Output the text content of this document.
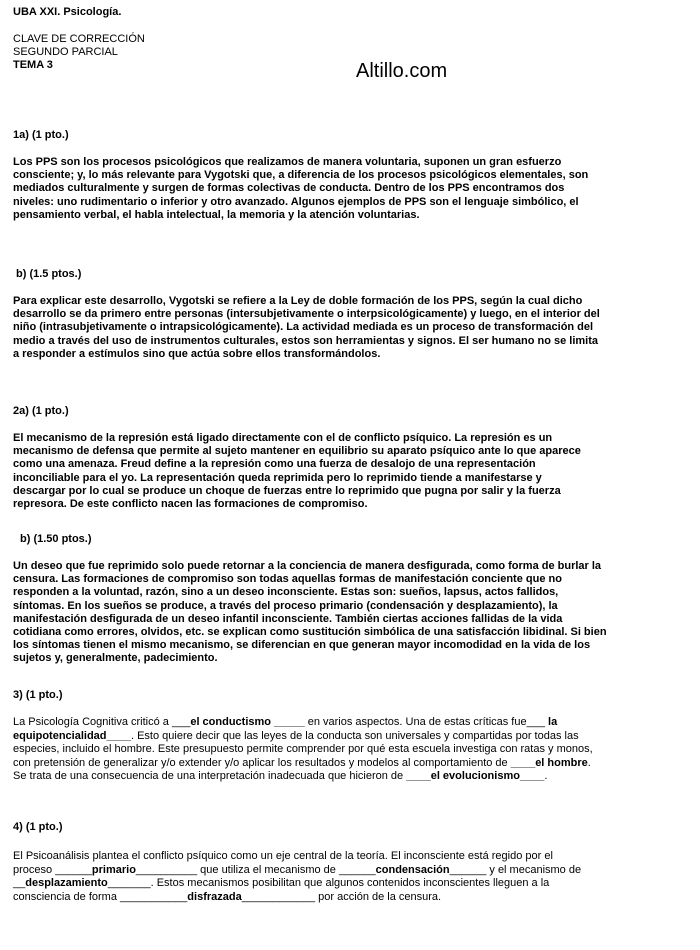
UBA XXI. Psicología.
CLAVE DE CORRECCIÓN
SEGUNDO PARCIAL
TEMA 3	Altillo.com
1a) (1 pto.)

Los PPS son los procesos psicológicos que realizamos de manera voluntaria, suponen un gran esfuerzo

consciente; y, lo más relevante para Vygotski que, a diferencia de los procesos psicológicos elementales, son

mediados culturalmente y surgen de formas colectivas de conducta. Dentro de los PPS encontramos dos

niveles: uno rudimentario o inferior y otro avanzado. Algunos ejemplos de PPS son el lenguaje simbólico, el

pensamiento verbal, el habla intelectual, la memoria y la atención voluntarias.

b) (1.5 ptos.)

Para explicar este desarrollo, Vygotski se refiere a la Ley de doble formación de los PPS, según la cual dicho

desarrollo se da primero entre personas (intersubjetivamente o interpsicológicamente) y luego, en el interior del

niño (intrasubjetivamente o intrapsicológicamente). La actividad mediada es un proceso de transformación del

medio a través del uso de instrumentos culturales, estos son herramientas y signos. El ser humano no se limita

a responder a estímulos sino que actúa sobre ellos transformándolos.

2a) (1 pto.)

El mecanismo de la represión está ligado directamente con el de conflicto psíquico. La represión es un

mecanismo de defensa que permite al sujeto mantener en equilibrio su aparato psíquico ante lo que aparece

como una amenaza. Freud define a la represión como una fuerza de desalojo de una representación

inconciliable para el yo. La representación queda reprimida pero lo reprimido tiende a manifestarse y

descargar por lo cual se produce un choque de fuerzas entre lo reprimido que pugna por salir y la fuerza

represora. De este conflicto nacen las formaciones de compromiso.

b) (1.50 ptos.)

Un deseo que fue reprimido solo puede retornar a la conciencia de manera desfigurada, como forma de burlar la

censura. Las formaciones de compromiso son todas aquellas formas de manifestación conciente que no

responden a la voluntad, razón, sino a un deseo inconsciente. Estas son: sueños, lapsus, actos fallidos,

síntomas. En los sueños se produce, a través del proceso primario (condensación y desplazamiento), la

manifestación desfigurada de un deseo infantil inconsciente. También ciertas acciones fallidas de la vida

cotidiana como errores, olvidos, etc. se explican como sustitución simbólica de una satisfacción libidinal. Si bien

los síntomas tienen el mismo mecanismo, se diferencian en que generan mayor incomodidad en la vida de los

sujetos y, generalmente, padecimiento.

3) (1 pto.)

La Psicología Cognitiva criticó a ___el conductismo _____ en varios aspectos. Una de estas críticas fue___ la

equipotencialidad____. Esto quiere decir que las leyes de la conducta son universales y compartidas por todas las

especies, incluido el hombre. Este presupuesto permite comprender por qué esta escuela investiga con ratas y monos,

con pretensión de generalizar y/o extender y/o aplicar los resultados y modelos al comportamiento de ____el hombre.

Se trata de una consecuencia de una interpretación inadecuada que hicieron de ____el evolucionismo____.

4) (1 pto.)

El Psicoanálisis plantea el conflicto psíquico como un eje central de la teoría. El inconsciente está regido por el

proceso ______primario__________ que utiliza el mecanismo de ______condensación______ y el mecanismo de

__desplazamiento_______. Estos mecanismos posibilitan que algunos contenidos inconscientes lleguen a la

consciencia de forma ___________disfrazada____________ por acción de la censura.
